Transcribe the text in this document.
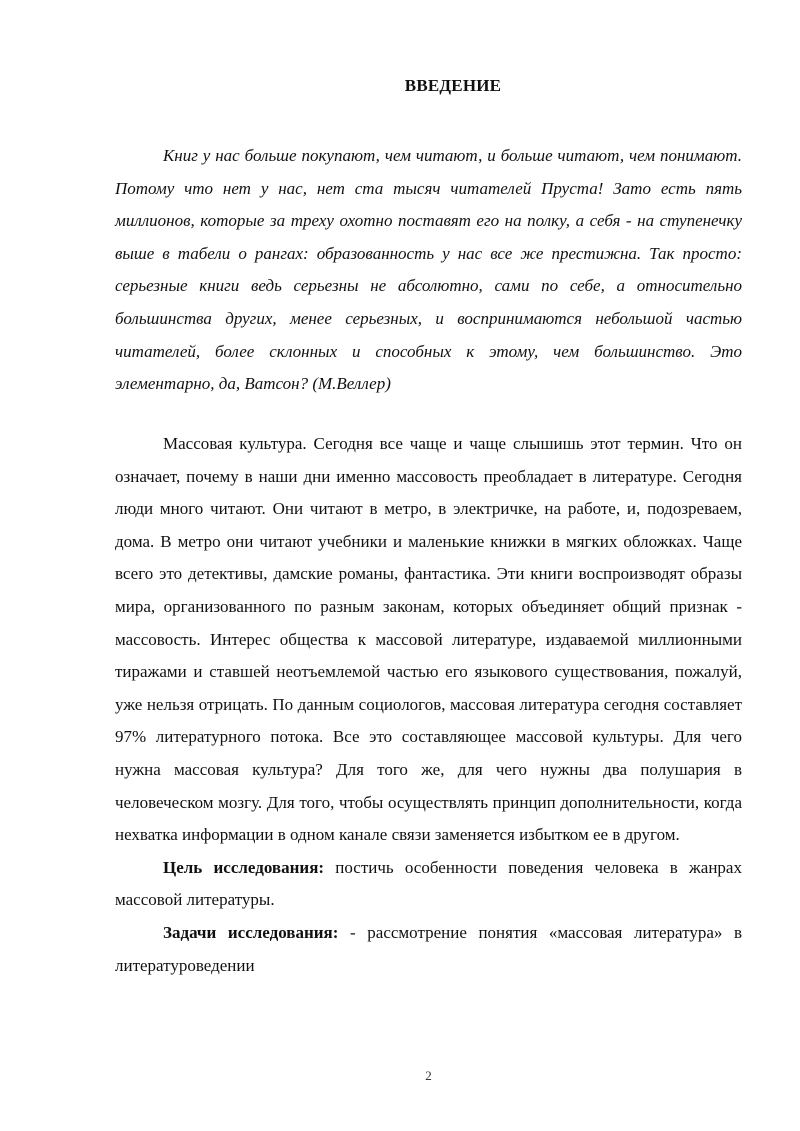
ВВЕДЕНИЕ

Книг у нас больше покупают, чем читают, и больше читают, чем понимают. Потому что нет у нас, нет ста тысяч читателей Пруста! Зато есть пять миллионов, которые за треху охотно поставят его на полку, а себя - на ступенечку выше в табели о рангах: образованность у нас все же престижна. Так просто: серьезные книги ведь серьезны не абсолютно, сами по себе, а относительно большинства других, менее серьезных, и воспринимаются небольшой частью читателей, более склонных и способных к этому, чем большинство. Это элементарно, да, Ватсон? (М.Веллер)

Массовая культура. Сегодня все чаще и чаще слышишь этот термин. Что он означает, почему в наши дни именно массовость преобладает в литературе. Сегодня люди много читают. Они читают в метро, в электричке, на работе, и, подозреваем, дома. В метро они читают учебники и маленькие книжки в мягких обложках. Чаще всего это детективы, дамские романы, фантастика. Эти книги воспроизводят образы мира, организованного по разным законам, которых объединяет общий признак - массовость. Интерес общества к массовой литературе, издаваемой миллионными тиражами и ставшей неотъемлемой частью его языкового существования, пожалуй, уже нельзя отрицать. По данным социологов, массовая литература сегодня составляет 97% литературного потока. Все это составляющее массовой культуры. Для чего нужна массовая культура? Для того же, для чего нужны два полушария в человеческом мозгу. Для того, чтобы осуществлять принцип дополнительности, когда нехватка информации в одном канале связи заменяется избытком ее в другом.

Цель исследования: постичь особенности поведения человека в жанрах массовой литературы.

Задачи исследования: - рассмотрение понятия «массовая литература» в литературоведении

2
